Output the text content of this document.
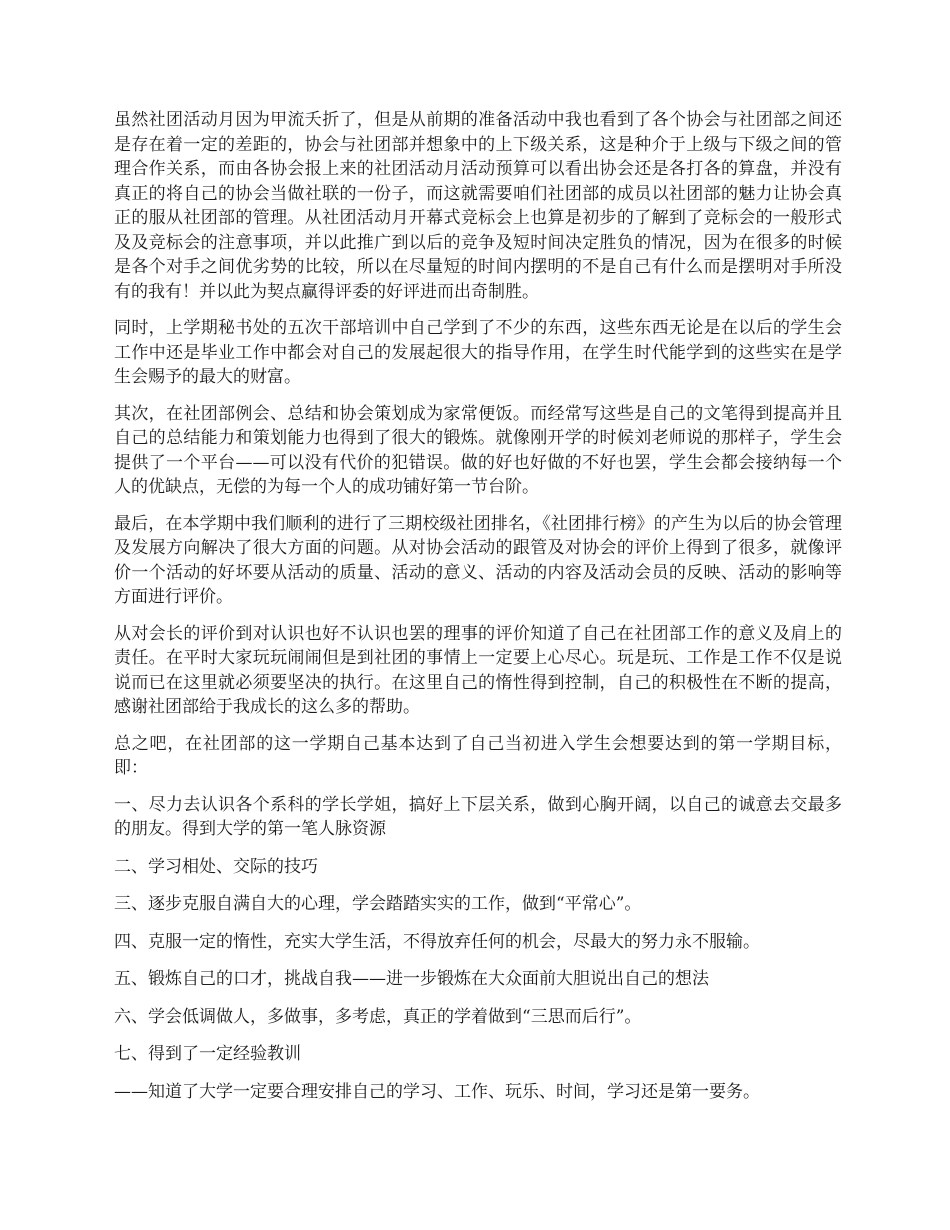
虽然社团活动月因为甲流夭折了，但是从前期的准备活动中我也看到了各个协会与社团部之间还是存在着一定的差距的，协会与社团部并想象中的上下级关系，这是种介于上级与下级之间的管理合作关系，而由各协会报上来的社团活动月活动预算可以看出协会还是各打各的算盘，并没有真正的将自己的协会当做社联的一份子，而这就需要咱们社团部的成员以社团部的魅力让协会真正的服从社团部的管理。从社团活动月开幕式竞标会上也算是初步的了解到了竞标会的一般形式及及竞标会的注意事项，并以此推广到以后的竞争及短时间决定胜负的情况，因为在很多的时候是各个对手之间优劣势的比较，所以在尽量短的时间内摆明的不是自己有什么而是摆明对手所没有的我有！并以此为契点赢得评委的好评进而出奇制胜。

同时，上学期秘书处的五次干部培训中自己学到了不少的东西，这些东西无论是在以后的学生会工作中还是毕业工作中都会对自己的发展起很大的指导作用，在学生时代能学到的这些实在是学生会赐予的最大的财富。

其次，在社团部例会、总结和协会策划成为家常便饭。而经常写这些是自己的文笔得到提高并且自己的总结能力和策划能力也得到了很大的锻炼。就像刚开学的时候刘老师说的那样子，学生会提供了一个平台——可以没有代价的犯错误。做的好也好做的不好也罢，学生会都会接纳每一个人的优缺点，无偿的为每一个人的成功铺好第一节台阶。

最后，在本学期中我们顺利的进行了三期校级社团排名，《社团排行榜》的产生为以后的协会管理及发展方向解决了很大方面的问题。从对协会活动的跟管及对协会的评价上得到了很多，就像评价一个活动的好坏要从活动的质量、活动的意义、活动的内容及活动会员的反映、活动的影响等方面进行评价。

从对会长的评价到对认识也好不认识也罢的理事的评价知道了自己在社团部工作的意义及肩上的责任。在平时大家玩玩闹闹但是到社团的事情上一定要上心尽心。玩是玩、工作是工作不仅是说说而已在这里就必须要坚决的执行。在这里自己的惰性得到控制，自己的积极性在不断的提高，感谢社团部给于我成长的这么多的帮助。

总之吧，在社团部的这一学期自己基本达到了自己当初进入学生会想要达到的第一学期目标，即：

一、尽力去认识各个系科的学长学姐，搞好上下层关系，做到心胸开阔，以自己的诚意去交最多的朋友。得到大学的第一笔人脉资源

二、学习相处、交际的技巧

三、逐步克服自满自大的心理，学会踏踏实实的工作，做到“平常心”。

四、克服一定的惰性，充实大学生活，不得放弃任何的机会，尽最大的努力永不服输。

五、锻炼自己的口才，挑战自我——进一步锻炼在大众面前大胆说出自己的想法

六、学会低调做人，多做事，多考虑，真正的学着做到“三思而后行”。

七、得到了一定经验教训

——知道了大学一定要合理安排自己的学习、工作、玩乐、时间，学习还是第一要务。
